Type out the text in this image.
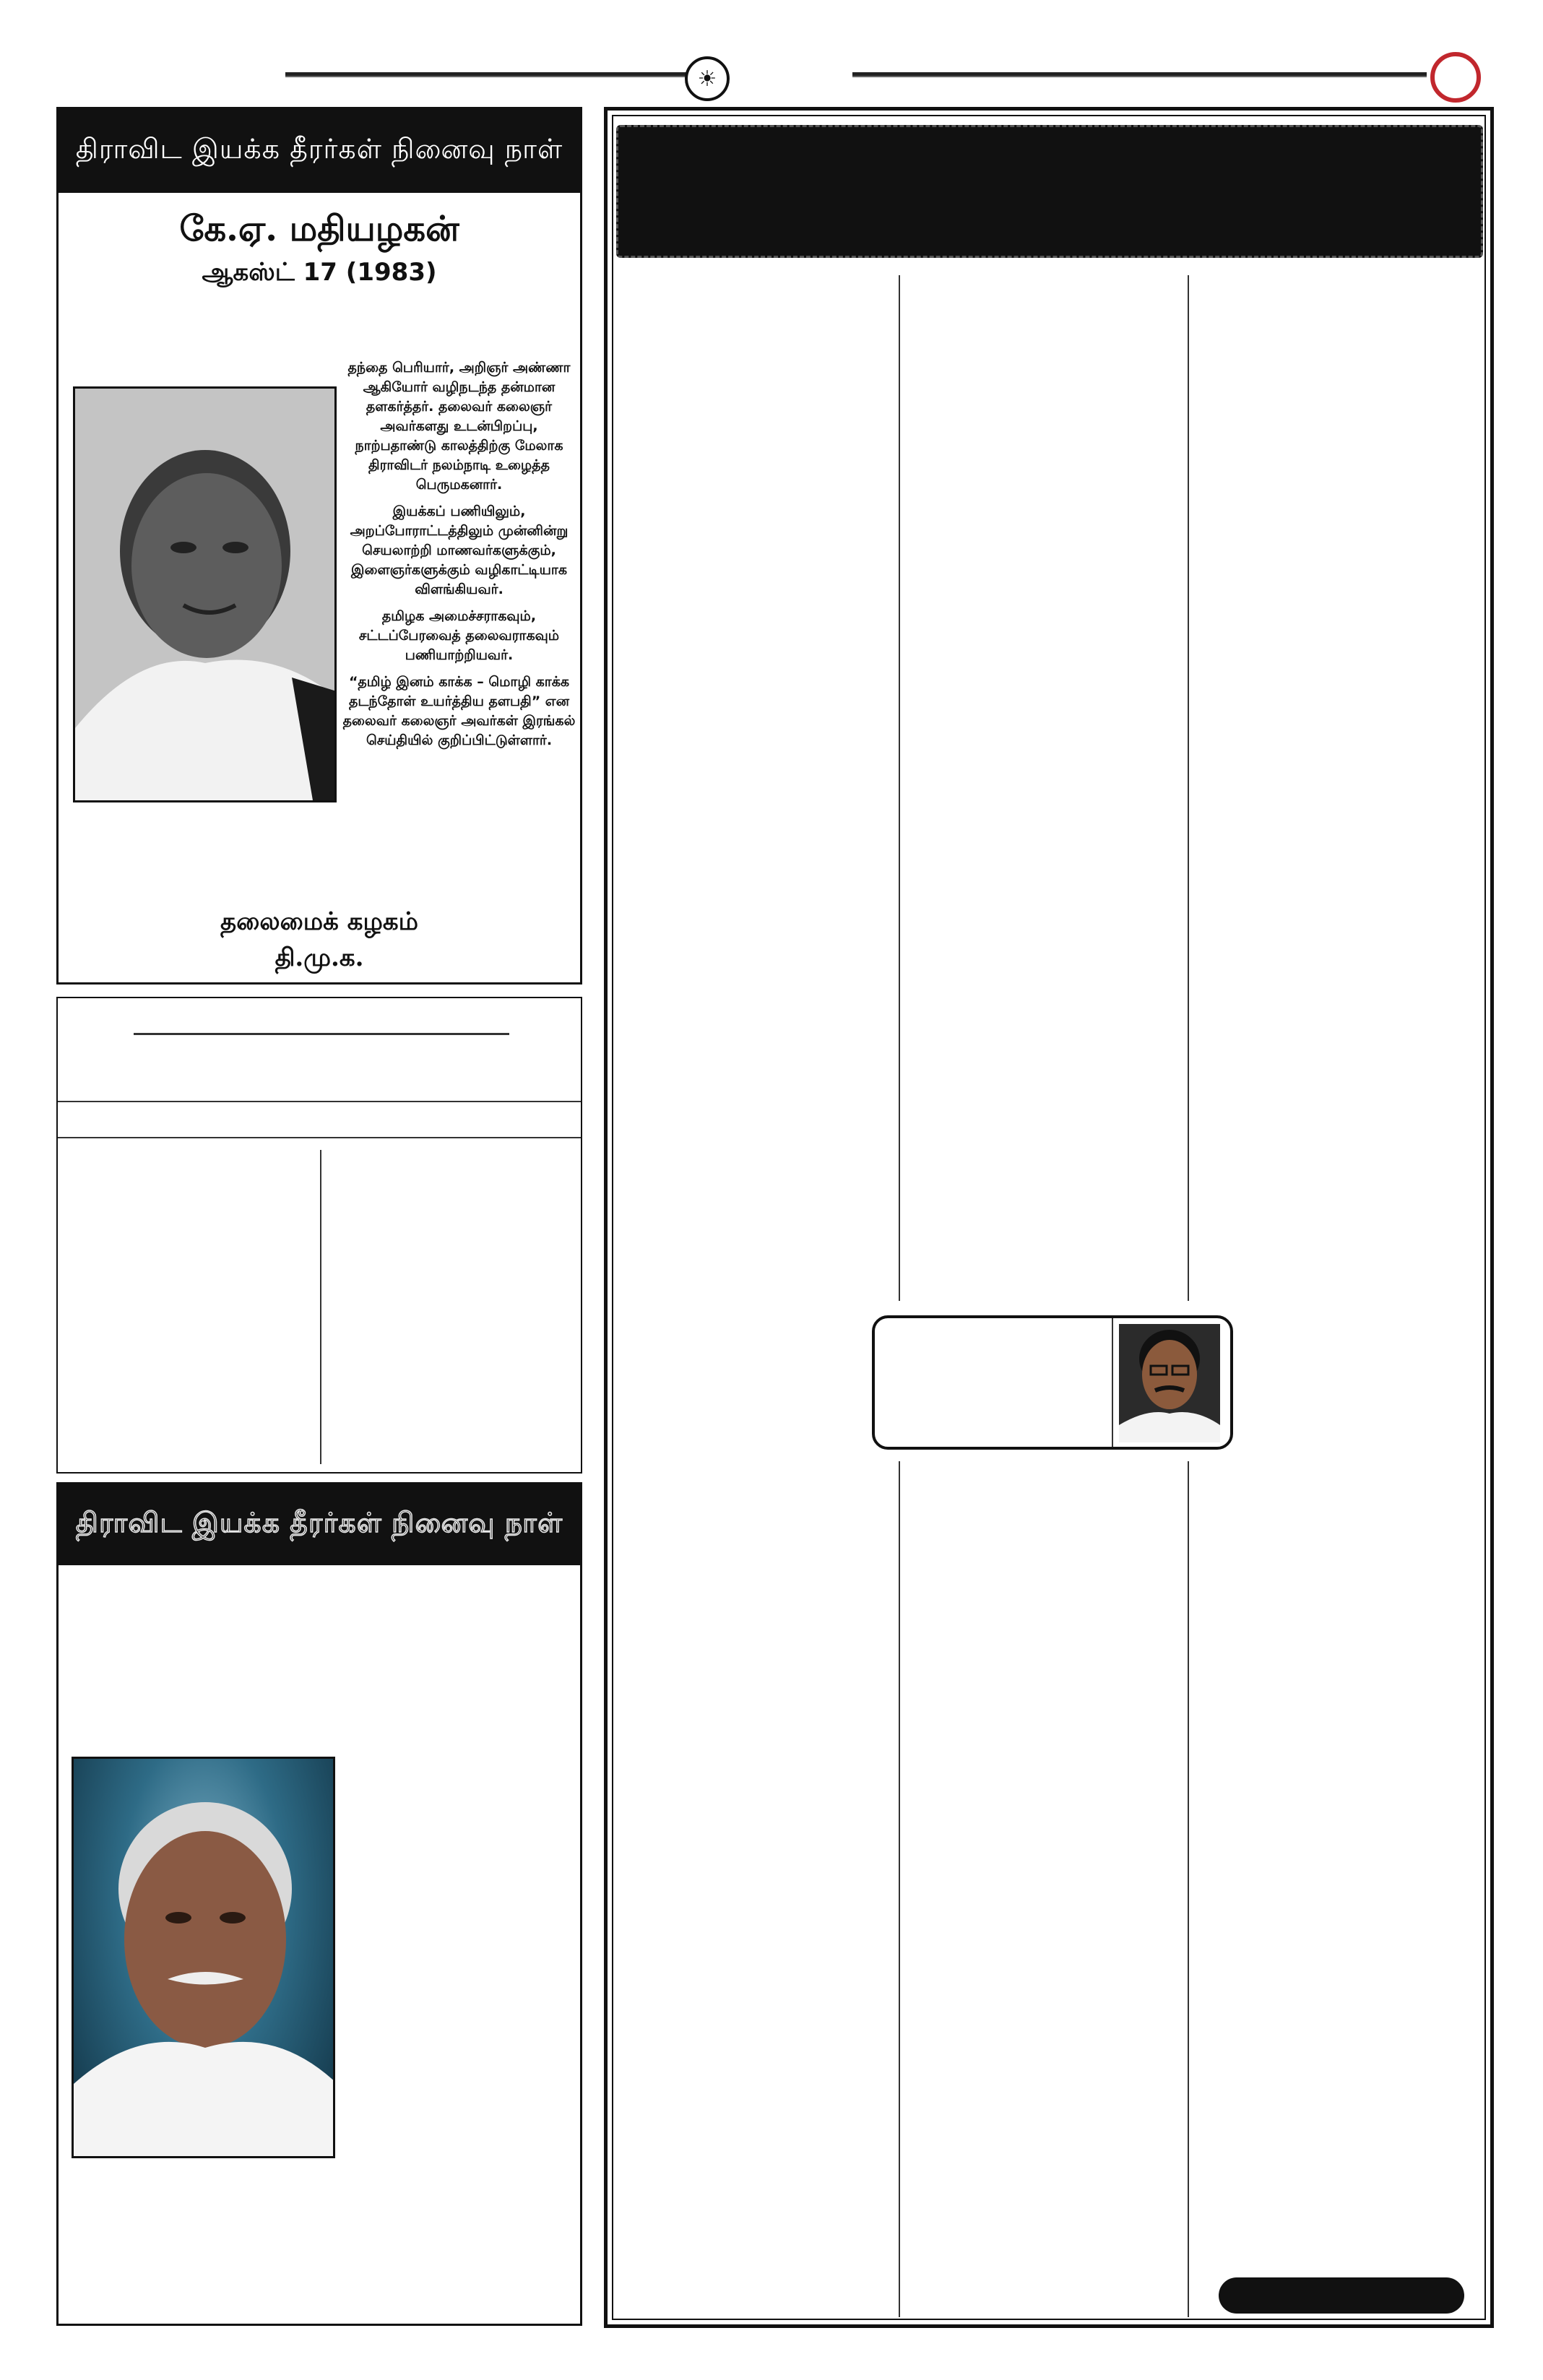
☀
திராவிட இயக்க தீரர்கள் நினைவு நாள்
கே.ஏ. மதியழகன்
ஆகஸ்ட் 17 (1983)

தந்தை பெரியார், அறிஞர் அண்ணா ஆகியோர் வழிநடந்த தன்மான தளகர்த்தர். தலைவர் கலைஞர் அவர்களது உடன்பிறப்பு, நாற்பதாண்டு காலத்திற்கு மேலாக திராவிடர் நலம்நாடி உழைத்த பெருமகனார்.

இயக்கப் பணியிலும், அறப்போராட்டத்திலும் முன்னின்று செயலாற்றி மாணவர்களுக்கும், இளைஞர்களுக்கும் வழிகாட்டியாக விளங்கியவர்.

தமிழக அமைச்சராகவும், சட்டப்பேரவைத் தலைவராகவும் பணியாற்றியவர்.

“தமிழ் இனம் காக்க – மொழி காக்க தடந்தோள் உயர்த்திய தளபதி” என தலைவர் கலைஞர் அவர்கள் இரங்கல் செய்தியில் குறிப்பிட்டுள்ளார்.

தலைமைக் கழகம்
தி.மு.க.
திராவிட இயக்க தீரர்கள் நினைவு நாள்
